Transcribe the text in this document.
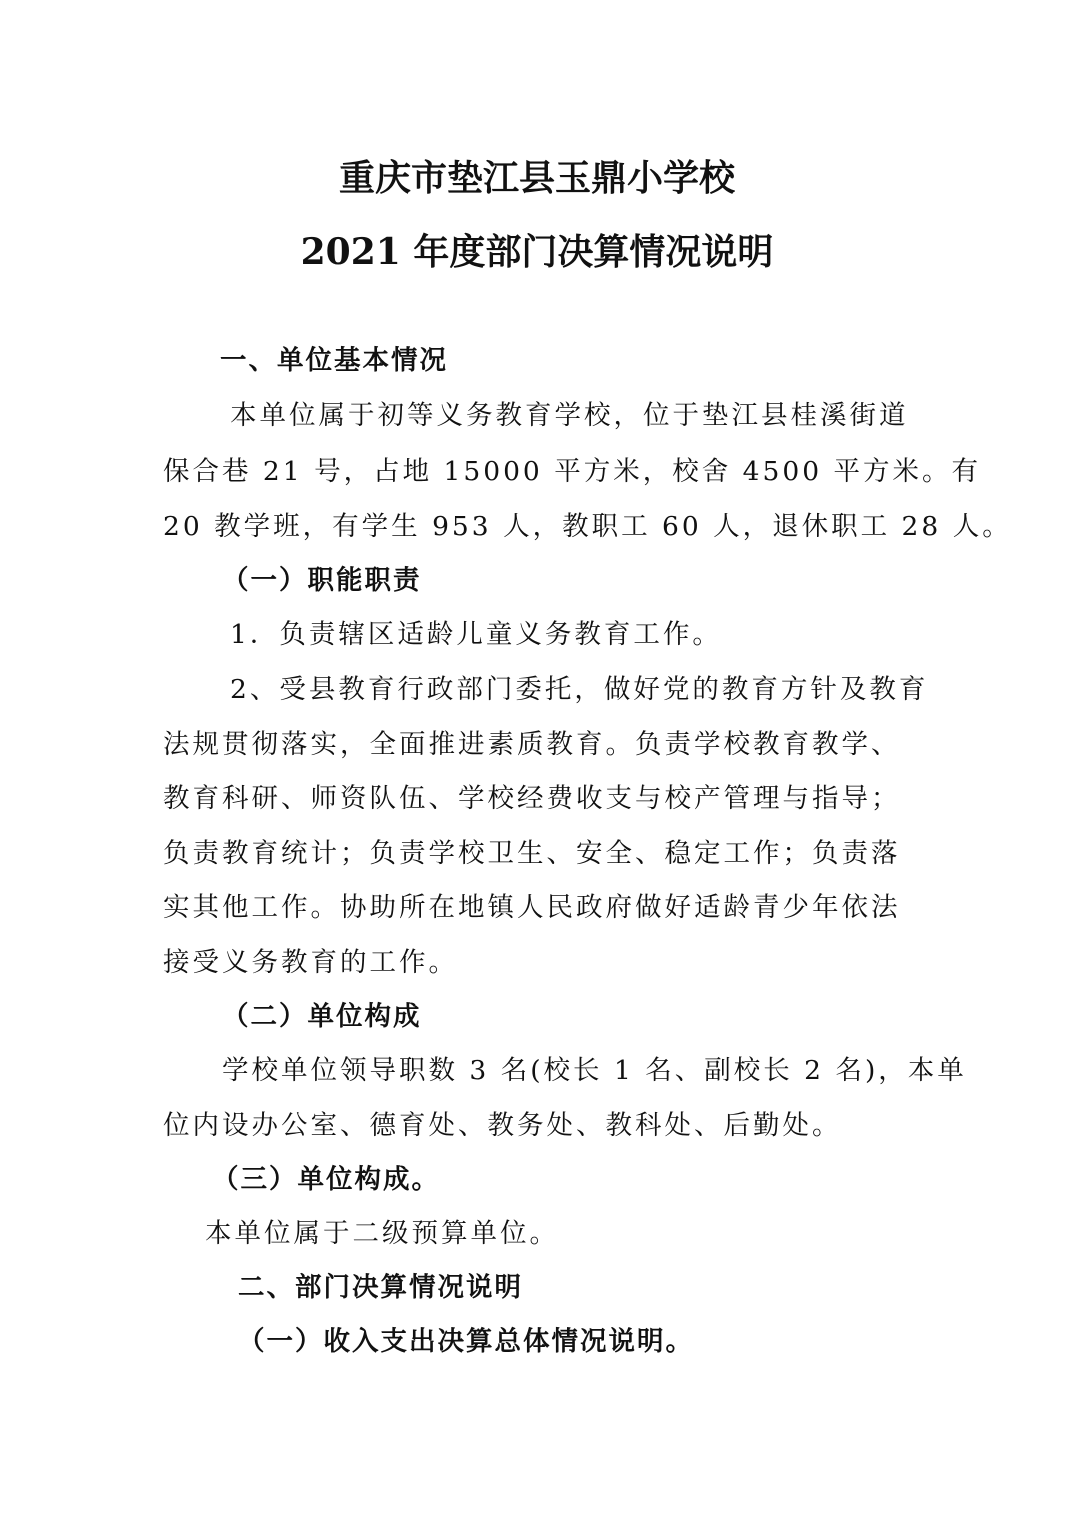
重庆市垫江县玉鼎小学校
2021 年度部门决算情况说明
一、单位基本情况
本单位属于初等义务教育学校，位于垫江县桂溪街道
保合巷 21 号，占地 15000 平方米，校舍 4500 平方米。有
20 教学班，有学生 953 人，教职工 60 人，退休职工 28 人。
（一）职能职责
1．负责辖区适龄儿童义务教育工作。
2、受县教育行政部门委托，做好党的教育方针及教育
法规贯彻落实，全面推进素质教育。负责学校教育教学、
教育科研、师资队伍、学校经费收支与校产管理与指导；
负责教育统计；负责学校卫生、安全、稳定工作；负责落
实其他工作。协助所在地镇人民政府做好适龄青少年依法
接受义务教育的工作。
（二）单位构成
学校单位领导职数 3 名(校长 1 名、副校长 2 名)，本单
位内设办公室、德育处、教务处、教科处、后勤处。
（三）单位构成。
本单位属于二级预算单位。
二、部门决算情况说明
（一）收入支出决算总体情况说明。
